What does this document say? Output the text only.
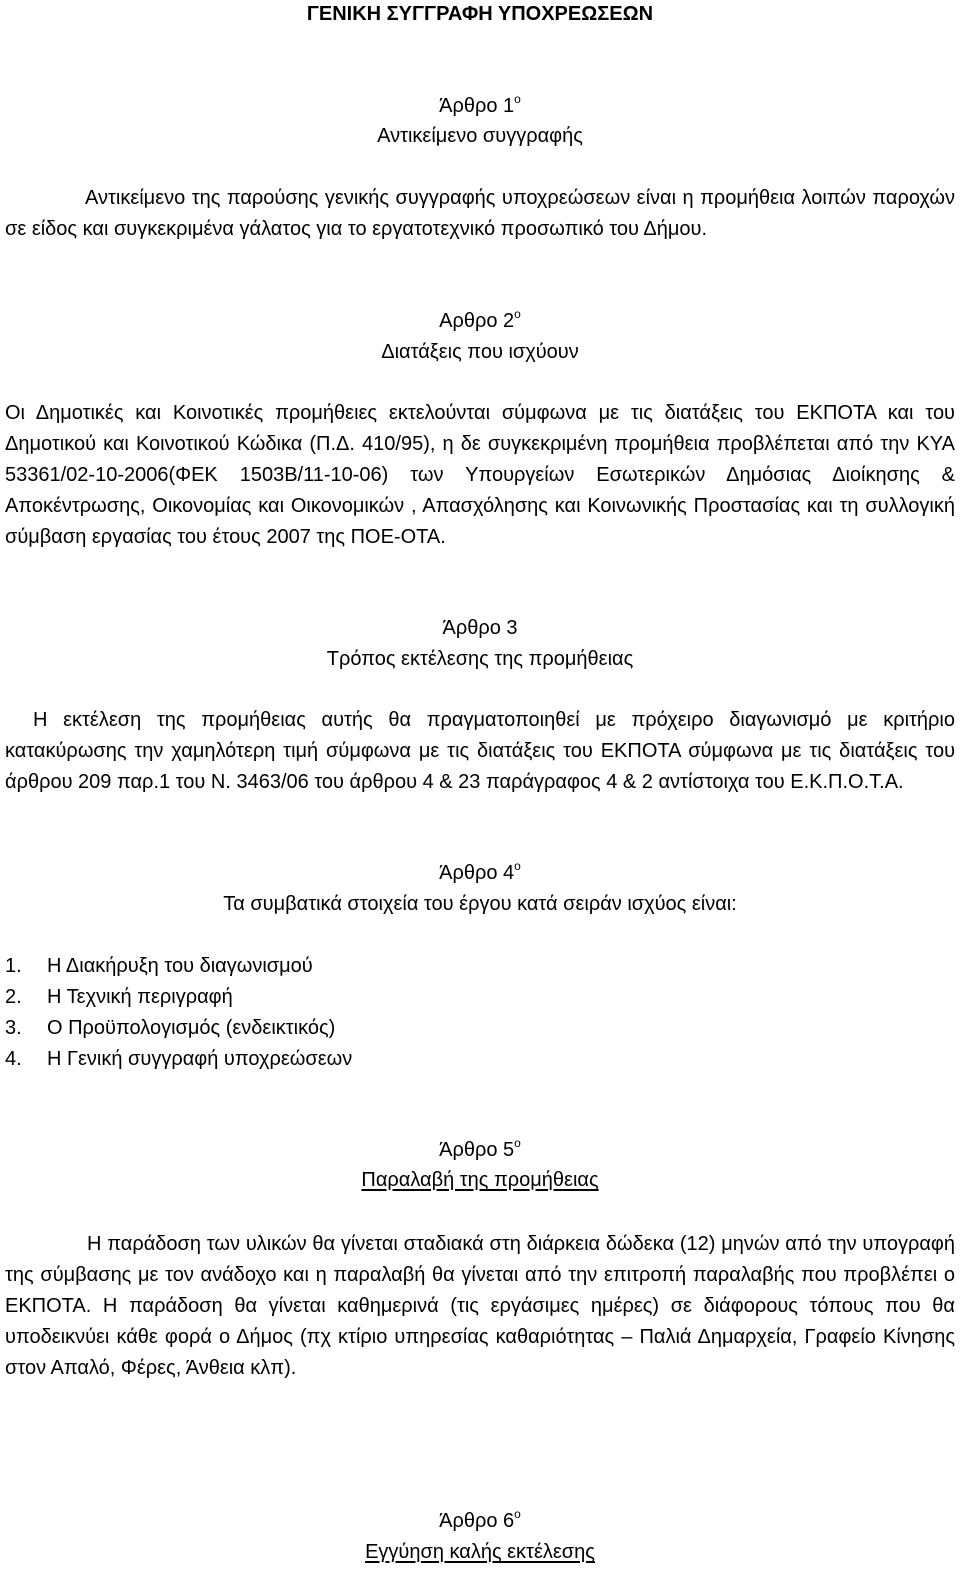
ΓΕΝΙΚΗ ΣΥΓΓΡΑΦΗ ΥΠΟΧΡΕΩΣΕΩΝ
Άρθρο $1^o$
Αντικείμενο συγγραφής

Αντικείμενο της παρούσης γενικής συγγραφής υποχρεώσεων είναι η προμήθεια λοιπών παροχών σε είδος και συγκεκριμένα γάλατος για το εργατοτεχνικό προσωπικό του Δήμου.

Αρθρο $2^o$
Διατάξεις που ισχύουν

Οι Δημοτικές και Κοινοτικές προμήθειες εκτελούνται σύμφωνα με τις διατάξεις του ΕΚΠΟΤΑ και του Δημοτικού και Κοινοτικού Κώδικα (Π.Δ. 410/95), η δε συγκεκριμένη προμήθεια προβλέπεται από την ΚΥΑ 53361/02-10-2006(ΦΕΚ 1503Β/11-10-06) των Υπουργείων Εσωτερικών Δημόσιας Διοίκησης & Αποκέντρωσης, Οικονομίας και Οικονομικών , Απασχόλησης και Κοινωνικής Προστασίας και τη συλλογική σύμβαση εργασίας του έτους 2007 της ΠΟΕ-ΟΤΑ.

Άρθρο 3
Τρόπος εκτέλεσης της προμήθειας

Η εκτέλεση της προμήθειας αυτής θα πραγματοποιηθεί με πρόχειρο διαγωνισμό με κριτήριο κατακύρωσης την χαμηλότερη τιμή σύμφωνα με τις διατάξεις του ΕΚΠΟΤΑ σύμφωνα με τις διατάξεις του άρθρου 209 παρ.1 του Ν. 3463/06 του άρθρου 4 & 23 παράγραφος 4 & 2 αντίστοιχα του Ε.Κ.Π.Ο.Τ.Α.

Άρθρο $4^o$
Τα συμβατικά στοιχεία του έργου κατά σειράν ισχύος είναι:
1.	Η Διακήρυξη του διαγωνισμού
2.	Η Τεχνική περιγραφή
3.	Ο Προϋπολογισμός (ενδεικτικός)
4.	Η Γενική συγγραφή υποχρεώσεων
Άρθρο $5^o$
Παραλαβή της προμήθειας

Η παράδοση των υλικών θα γίνεται σταδιακά στη διάρκεια δώδεκα (12) μηνών από την υπογραφή της σύμβασης με τον ανάδοχο και η παραλαβή θα γίνεται από την επιτροπή παραλαβής που προβλέπει ο ΕΚΠΟΤΑ. Η παράδοση θα γίνεται καθημερινά (τις εργάσιμες ημέρες) σε διάφορους τόπους που θα υποδεικνύει κάθε φορά ο Δήμος (πχ κτίριο υπηρεσίας καθαριότητας – Παλιά Δημαρχεία, Γραφείο Κίνησης στον Απαλό, Φέρες, Άνθεια κλπ).

Άρθρο $6^o$
Εγγύηση καλής εκτέλεσης
